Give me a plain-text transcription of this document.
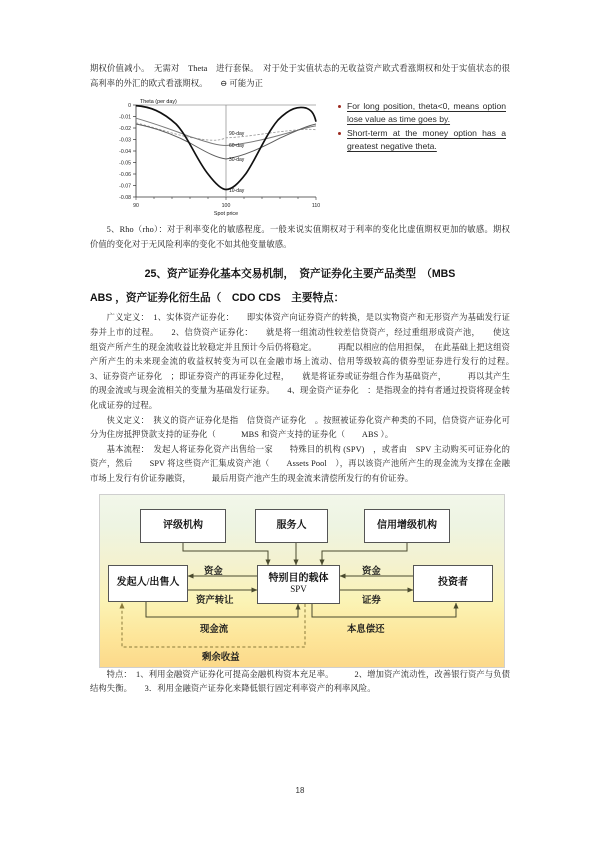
期权价值减小。　无需对　Theta　进行套保。　对于处于实值状态的无收益资产欧式看涨期权和处于实值状态的很高利率的外汇的欧式看涨期权。　　⊖ 可能为正

0
-0.01
-0.02
-0.03
-0.04
-0.05
-0.06
-0.07
-0.08
90	100	110
Theta (per day)
Spot price
90-day
60-day
30-day
10-day
For long position, theta<0, means option lose value as time goes by.
Short-term at the money option has a greatest negative theta.

5、Rho（rho）：对于利率变化的敏感程度。一般来说实值期权对于利率的变化比虚值期权更加的敏感。期权价值的变化对于无风险利率的变化不如其他变量敏感。

25、资产证券化基本交易机制，　资产证券化主要产品类型　（MBS
ABS ，资产证券化衍生品（　CDO CDS　主要特点：

广义定义：　1、实体资产证券化：　　即实体资产向证券资产的转换，是以实物资产和无形资产为基础发行证券并上市的过程。　　2、信贷资产证券化：　　就是将一组流动性较差信贷资产，经过重组形成资产池，　　使这组资产所产生的现金流收益比较稳定并且预计今后仍将稳定。　　　再配以相应的信用担保，　在此基础上把这组资产所产生的未来现金流的收益权转变为可以在金融市场上流动、信用等级较高的债券型证券进行发行的过程。　　　3、证券资产证券化　；即证券资产的再证券化过程，　　就是将证券或证券组合作为基础资产，　　　再以其产生的现金流或与现金流相关的变量为基础发行证券。　　4、现金资产证券化　：是指现金的持有者通过投资将现金转化成证券的过程。

侠义定义：　狭义的资产证券化是指　信贷资产证券化　。按照被证券化资产种类的不同，信贷资产证券化可分为住房抵押贷款支持的证券化（　　　MBS 和资产支持的证券化（　　ABS ）。

基本流程：　发起人将证券化资产出售给一家　　特殊目的机构 (SPV)　，或者由　SPV 主动购买可证券化的资产，然后　　SPV 将这些资产汇集成资产池（　　Assets Pool　），再以该资产池所产生的现金流为支撑在金融市场上发行有价证券融资，　　　最后用资产池产生的现金流来清偿所发行的有价证券。

评级机构	服务人	信用增级机构
发起人/出售人	特别目的载体
SPV
投资者
资金
资产转让
资金
证券
现金流	本息偿还
剩余收益

特点：　1、利用金融资产证券化可提高金融机构资本充足率。　　　2、增加资产流动性，改善银行资产与负债结构失衡。　　3．利用金融资产证券化来降低银行固定利率资产的利率风险。

18
